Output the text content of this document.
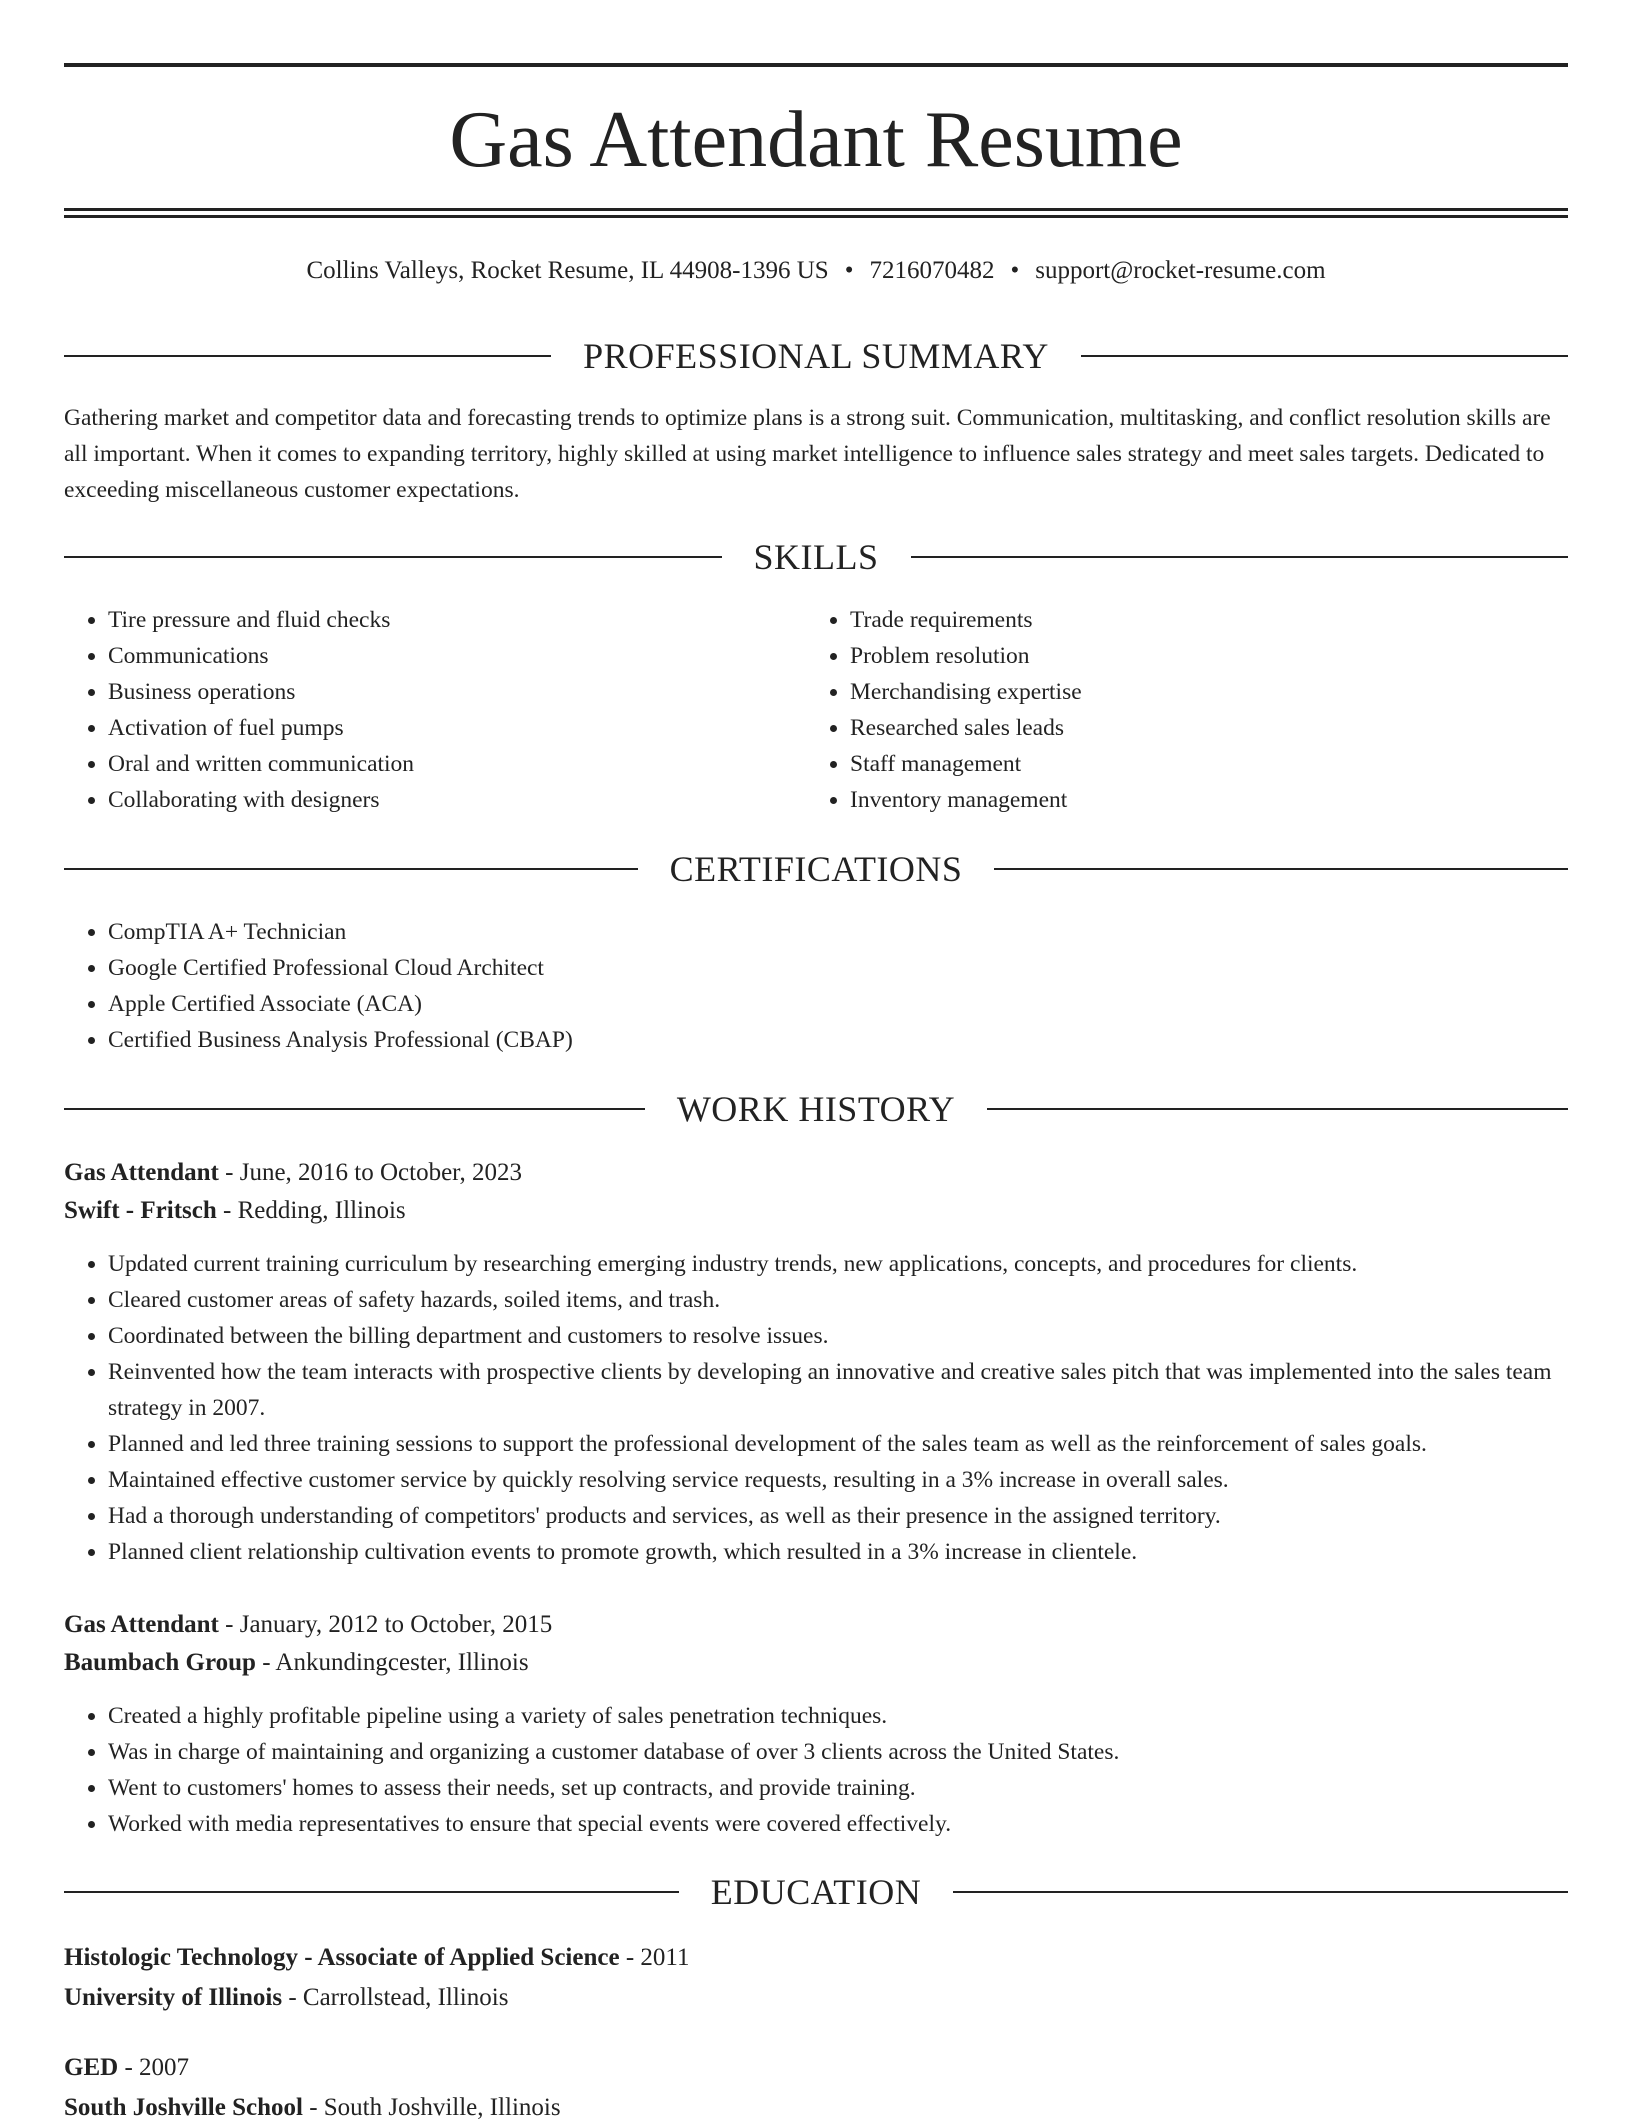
Gas Attendant Resume
Collins Valleys, Rocket Resume, IL 44908-1396 US • 7216070482 • support@rocket-resume.com
PROFESSIONAL SUMMARY
Gathering market and competitor data and forecasting trends to optimize plans is a strong suit. Communication, multitasking, and conflict resolution skills are all important. When it comes to expanding territory, highly skilled at using market intelligence to influence sales strategy and meet sales targets. Dedicated to exceeding miscellaneous customer expectations.
SKILLS
• Tire pressure and fluid checks
• Communications
• Business operations
• Activation of fuel pumps
• Oral and written communication
• Collaborating with designers
• Trade requirements
• Problem resolution
• Merchandising expertise
• Researched sales leads
• Staff management
• Inventory management
CERTIFICATIONS
• CompTIA A+ Technician
• Google Certified Professional Cloud Architect
• Apple Certified Associate (ACA)
• Certified Business Analysis Professional (CBAP)
WORK HISTORY
Gas Attendant - June, 2016 to October, 2023
Swift - Fritsch - Redding, Illinois
• Updated current training curriculum by researching emerging industry trends, new applications, concepts, and procedures for clients.
• Cleared customer areas of safety hazards, soiled items, and trash.
• Coordinated between the billing department and customers to resolve issues.
• Reinvented how the team interacts with prospective clients by developing an innovative and creative sales pitch that was implemented into the sales team strategy in 2007.
• Planned and led three training sessions to support the professional development of the sales team as well as the reinforcement of sales goals.
• Maintained effective customer service by quickly resolving service requests, resulting in a 3% increase in overall sales.
• Had a thorough understanding of competitors' products and services, as well as their presence in the assigned territory.
• Planned client relationship cultivation events to promote growth, which resulted in a 3% increase in clientele.
Gas Attendant - January, 2012 to October, 2015
Baumbach Group - Ankundingcester, Illinois
• Created a highly profitable pipeline using a variety of sales penetration techniques.
• Was in charge of maintaining and organizing a customer database of over 3 clients across the United States.
• Went to customers' homes to assess their needs, set up contracts, and provide training.
• Worked with media representatives to ensure that special events were covered effectively.
EDUCATION
Histologic Technology - Associate of Applied Science - 2011
University of Illinois - Carrollstead, Illinois
GED - 2007
South Joshville School - South Joshville, Illinois
